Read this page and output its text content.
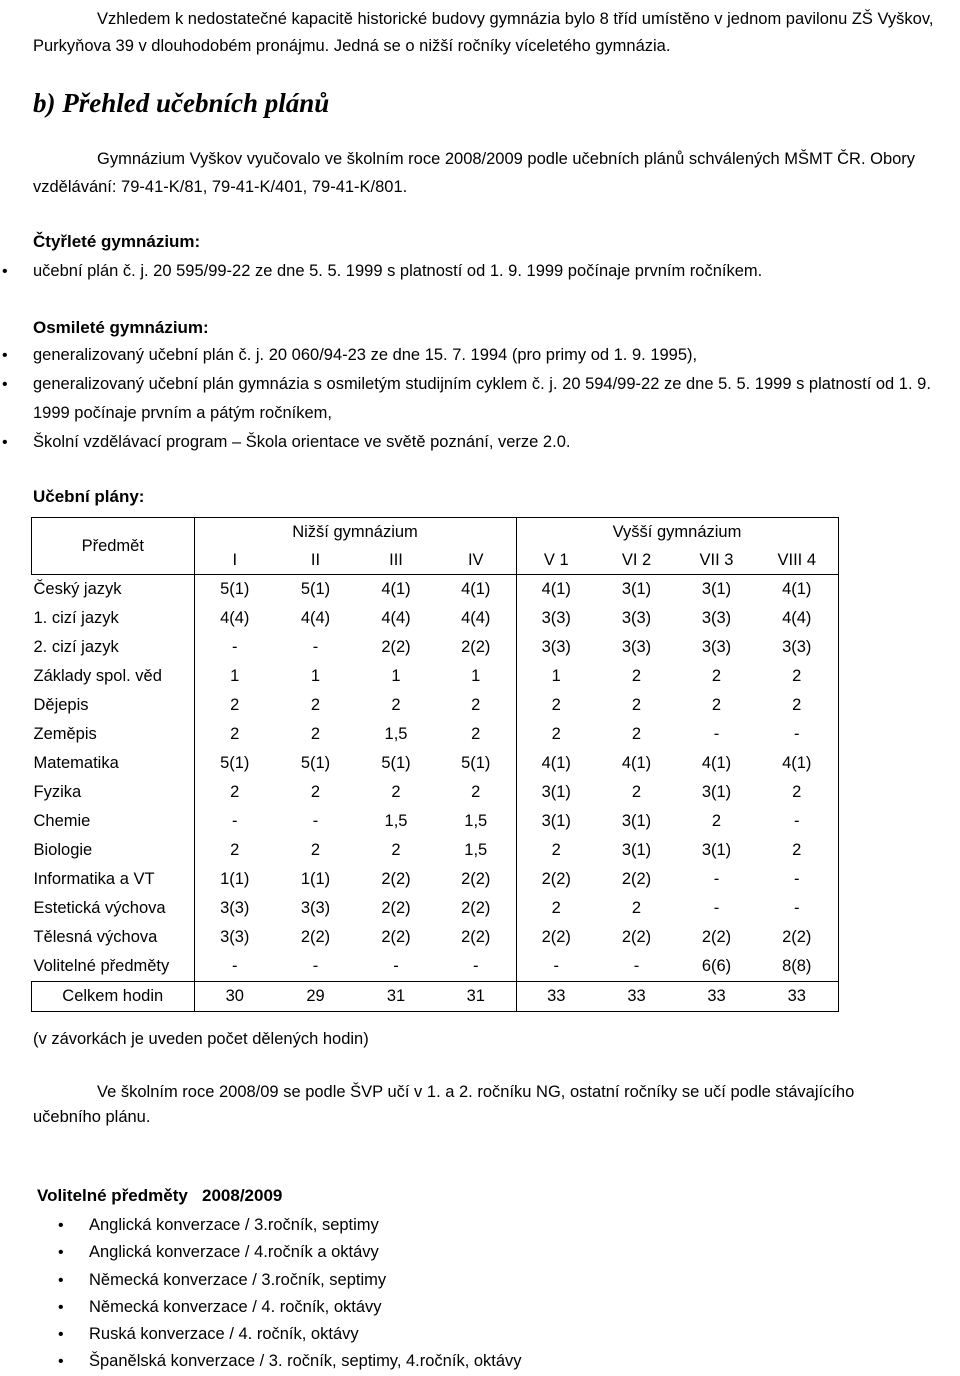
Vzhledem k nedostatečné kapacitě historické budovy gymnázia bylo 8 tříd umístěno v jednom pavilonu ZŠ Vyškov, Purkyňova 39 v dlouhodobém pronájmu. Jedná se o nižší ročníky víceletého gymnázia.

b) Přehled učebních plánů

Gymnázium Vyškov vyučovalo ve školním roce 2008/2009 podle učebních plánů schválených MŠMT ČR. Obory vzdělávání: 79-41-K/81, 79-41-K/401, 79-41-K/801.

Čtyřleté gymnázium:
• učební plán č. j. 20 595/99-22 ze dne 5. 5. 1999 s platností od 1. 9. 1999 počínaje prvním ročníkem.
Osmileté gymnázium:
• generalizovaný učební plán č. j. 20 060/94-23 ze dne 15. 7. 1994 (pro primy od 1. 9. 1995),
• generalizovaný učební plán gymnázia s osmiletým studijním cyklem č. j. 20 594/99-22 ze dne 5. 5. 1999 s platností od 1. 9. 1999 počínaje prvním a pátým ročníkem,
• Školní vzdělávací program – Škola orientace ve světě poznání, verze 2.0.
Učební plány:
Předmět	Nižší gymnázium				Vyšší gymnázium			
	I	II	III	IV	V 1	VI 2	VII 3	VIII 4
Český jazyk	5(1)	5(1)	4(1)	4(1)	4(1)	3(1)	3(1)	4(1)
1. cizí jazyk	4(4)	4(4)	4(4)	4(4)	3(3)	3(3)	3(3)	4(4)
2. cizí jazyk	-	-	2(2)	2(2)	3(3)	3(3)	3(3)	3(3)
Základy spol. věd	1	1	1	1	1	2	2	2
Dějepis	2	2	2	2	2	2	2	2
Zeměpis	2	2	1,5	2	2	2	-	-
Matematika	5(1)	5(1)	5(1)	5(1)	4(1)	4(1)	4(1)	4(1)
Fyzika	2	2	2	2	3(1)	2	3(1)	2
Chemie	-	-	1,5	1,5	3(1)	3(1)	2	-
Biologie	2	2	2	1,5	2	3(1)	3(1)	2
Informatika a VT	1(1)	1(1)	2(2)	2(2)	2(2)	2(2)	-	-
Estetická výchova	3(3)	3(3)	2(2)	2(2)	2	2	-	-
Tělesná výchova	3(3)	2(2)	2(2)	2(2)	2(2)	2(2)	2(2)	2(2)
Volitelné předměty	-	-	-	-	-	-	6(6)	8(8)
Celkem hodin	30	29	31	31	33	33	33	33
(v závorkách je uveden počet dělených hodin)

Ve školním roce 2008/09 se podle ŠVP učí v 1. a 2. ročníku NG, ostatní ročníky se učí podle stávajícího učebního plánu.

Volitelné předměty   2008/2009
• Anglická konverzace / 3.ročník, septimy
• Anglická konverzace / 4.ročník a oktávy
• Německá konverzace / 3.ročník, septimy
• Německá konverzace / 4. ročník, oktávy
• Ruská konverzace / 4. ročník, oktávy
• Španělská konverzace / 3. ročník, septimy, 4.ročník, oktávy
